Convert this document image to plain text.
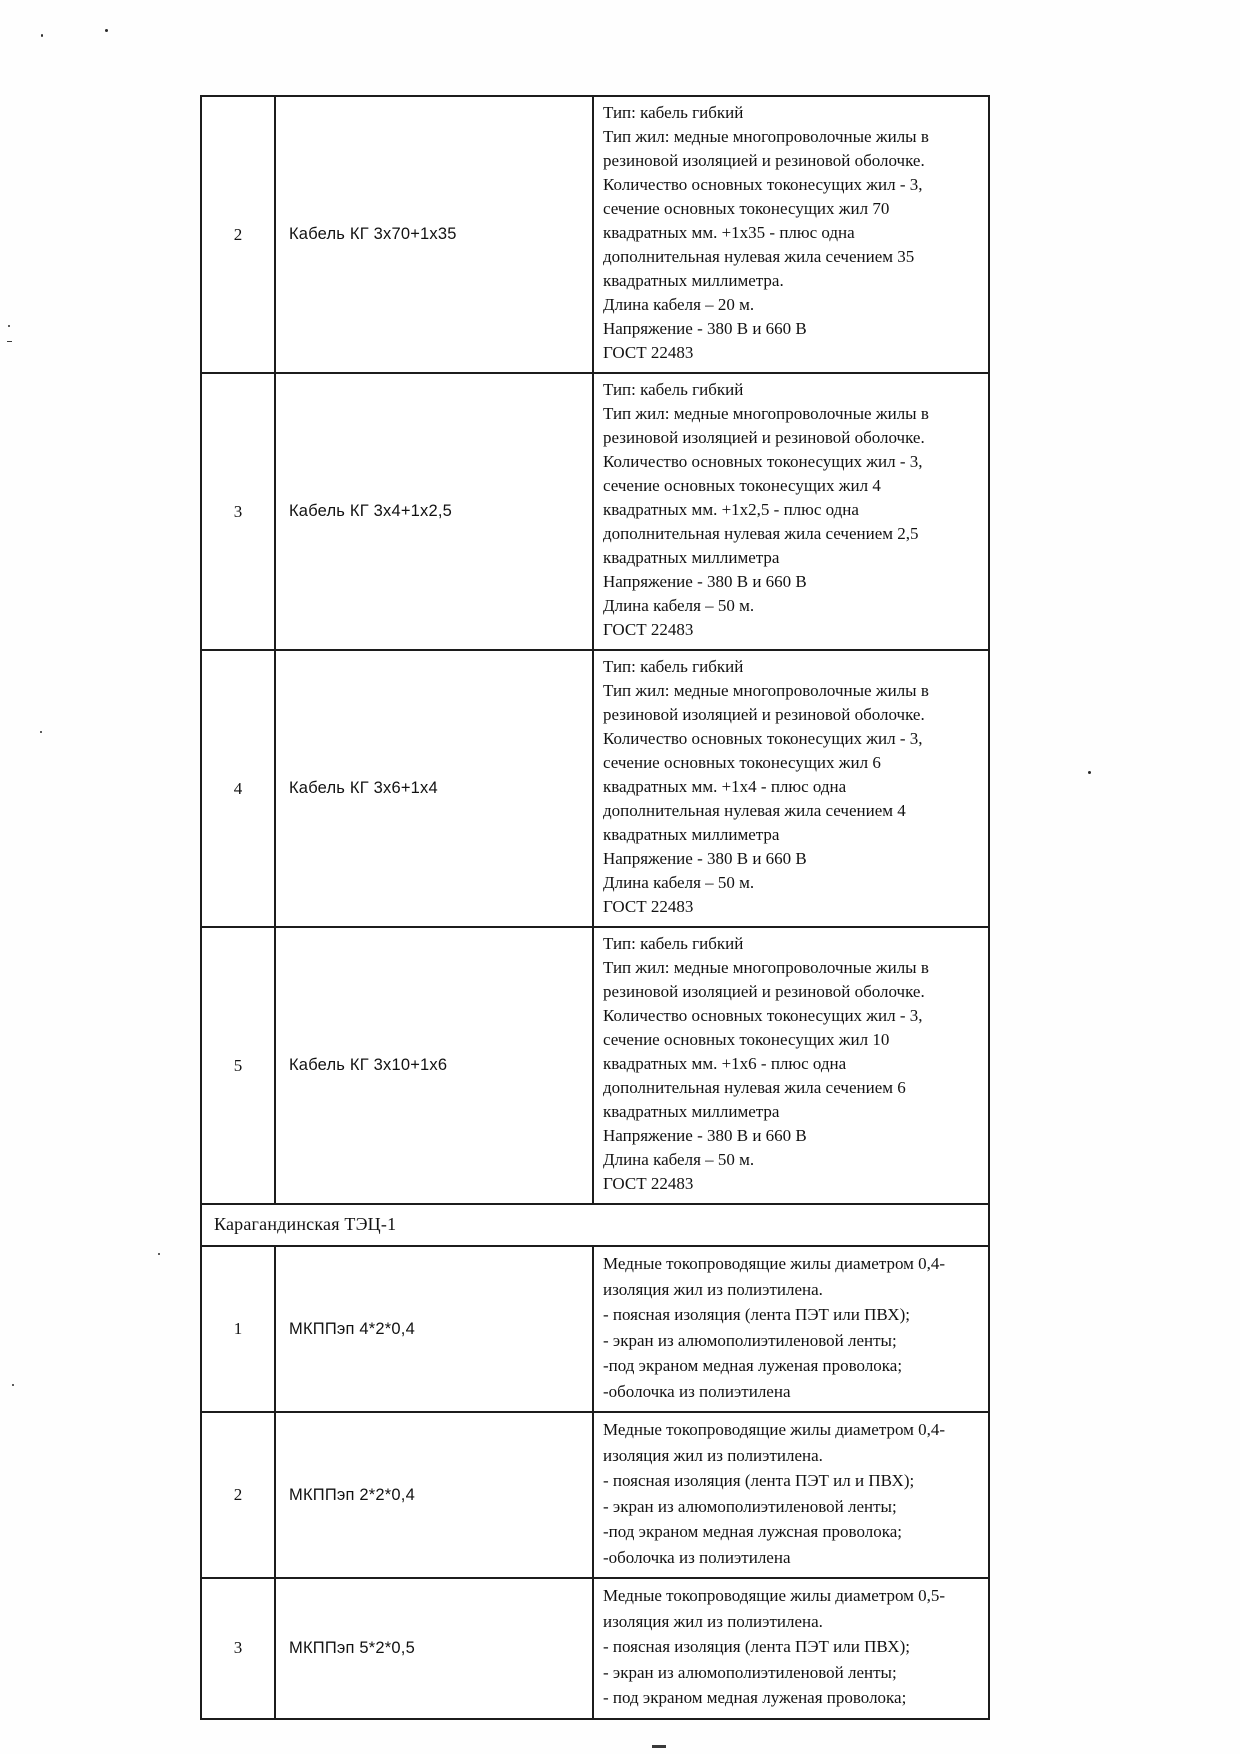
2	Кабель КГ 3х70+1х35
Тип: кабель гибкий
Тип жил: медные многопроволочные жилы в
резиновой изоляцией и резиновой оболочке.
Количество основных токонесущих жил - 3,
сечение основных токонесущих жил 70
квадратных мм. +1х35 - плюс одна
дополнительная нулевая жила сечением 35
квадратных миллиметра.
Длина кабеля – 20 м.
Напряжение - 380 В и 660 В
ГОСТ 22483
3	Кабель КГ 3х4+1х2,5
Тип: кабель гибкий
Тип жил: медные многопроволочные жилы в
резиновой изоляцией и резиновой оболочке.
Количество основных токонесущих жил - 3,
сечение основных токонесущих жил 4
квадратных мм. +1х2,5 - плюс одна
дополнительная нулевая жила сечением 2,5
квадратных миллиметра
Напряжение - 380 В и 660 В
Длина кабеля – 50 м.
ГОСТ 22483
4	Кабель КГ 3х6+1х4
Тип: кабель гибкий
Тип жил: медные многопроволочные жилы в
резиновой изоляцией и резиновой оболочке.
Количество основных токонесущих жил - 3,
сечение основных токонесущих жил 6
квадратных мм. +1х4 - плюс одна
дополнительная нулевая жила сечением 4
квадратных миллиметра
Напряжение - 380 В и 660 В
Длина кабеля – 50 м.
ГОСТ 22483
5	Кабель КГ 3х10+1х6
Тип: кабель гибкий
Тип жил: медные многопроволочные жилы в
резиновой изоляцией и резиновой оболочке.
Количество основных токонесущих жил - 3,
сечение основных токонесущих жил 10
квадратных мм. +1х6 - плюс одна
дополнительная нулевая жила сечением 6
квадратных миллиметра
Напряжение - 380 В и 660 В
Длина кабеля – 50 м.
ГОСТ 22483
Карагандинская ТЭЦ-1
1	МКППэп 4*2*0,4
Медные токопроводящие жилы диаметром 0,4-
изоляция жил из полиэтилена.
- поясная изоляция (лента ПЭТ или ПВХ);
- экран из алюмополиэтиленовой ленты;
-под экраном медная луженая проволока;
-оболочка из полиэтилена
2	МКППэп 2*2*0,4
Медные токопроводящие жилы диаметром 0,4-
изоляция жил из полиэтилена.
- поясная изоляция (лента ПЭТ ил и ПВХ);
- экран из алюмополиэтиленовой ленты;
-под экраном медная лужсная проволока;
-оболочка из полиэтилена
3	МКППэп 5*2*0,5
Медные токопроводящие жилы диаметром 0,5-
изоляция жил из полиэтилена.
- поясная изоляция (лента ПЭТ или ПВХ);
- экран из алюмополиэтиленовой ленты;
- под экраном медная луженая проволока;
